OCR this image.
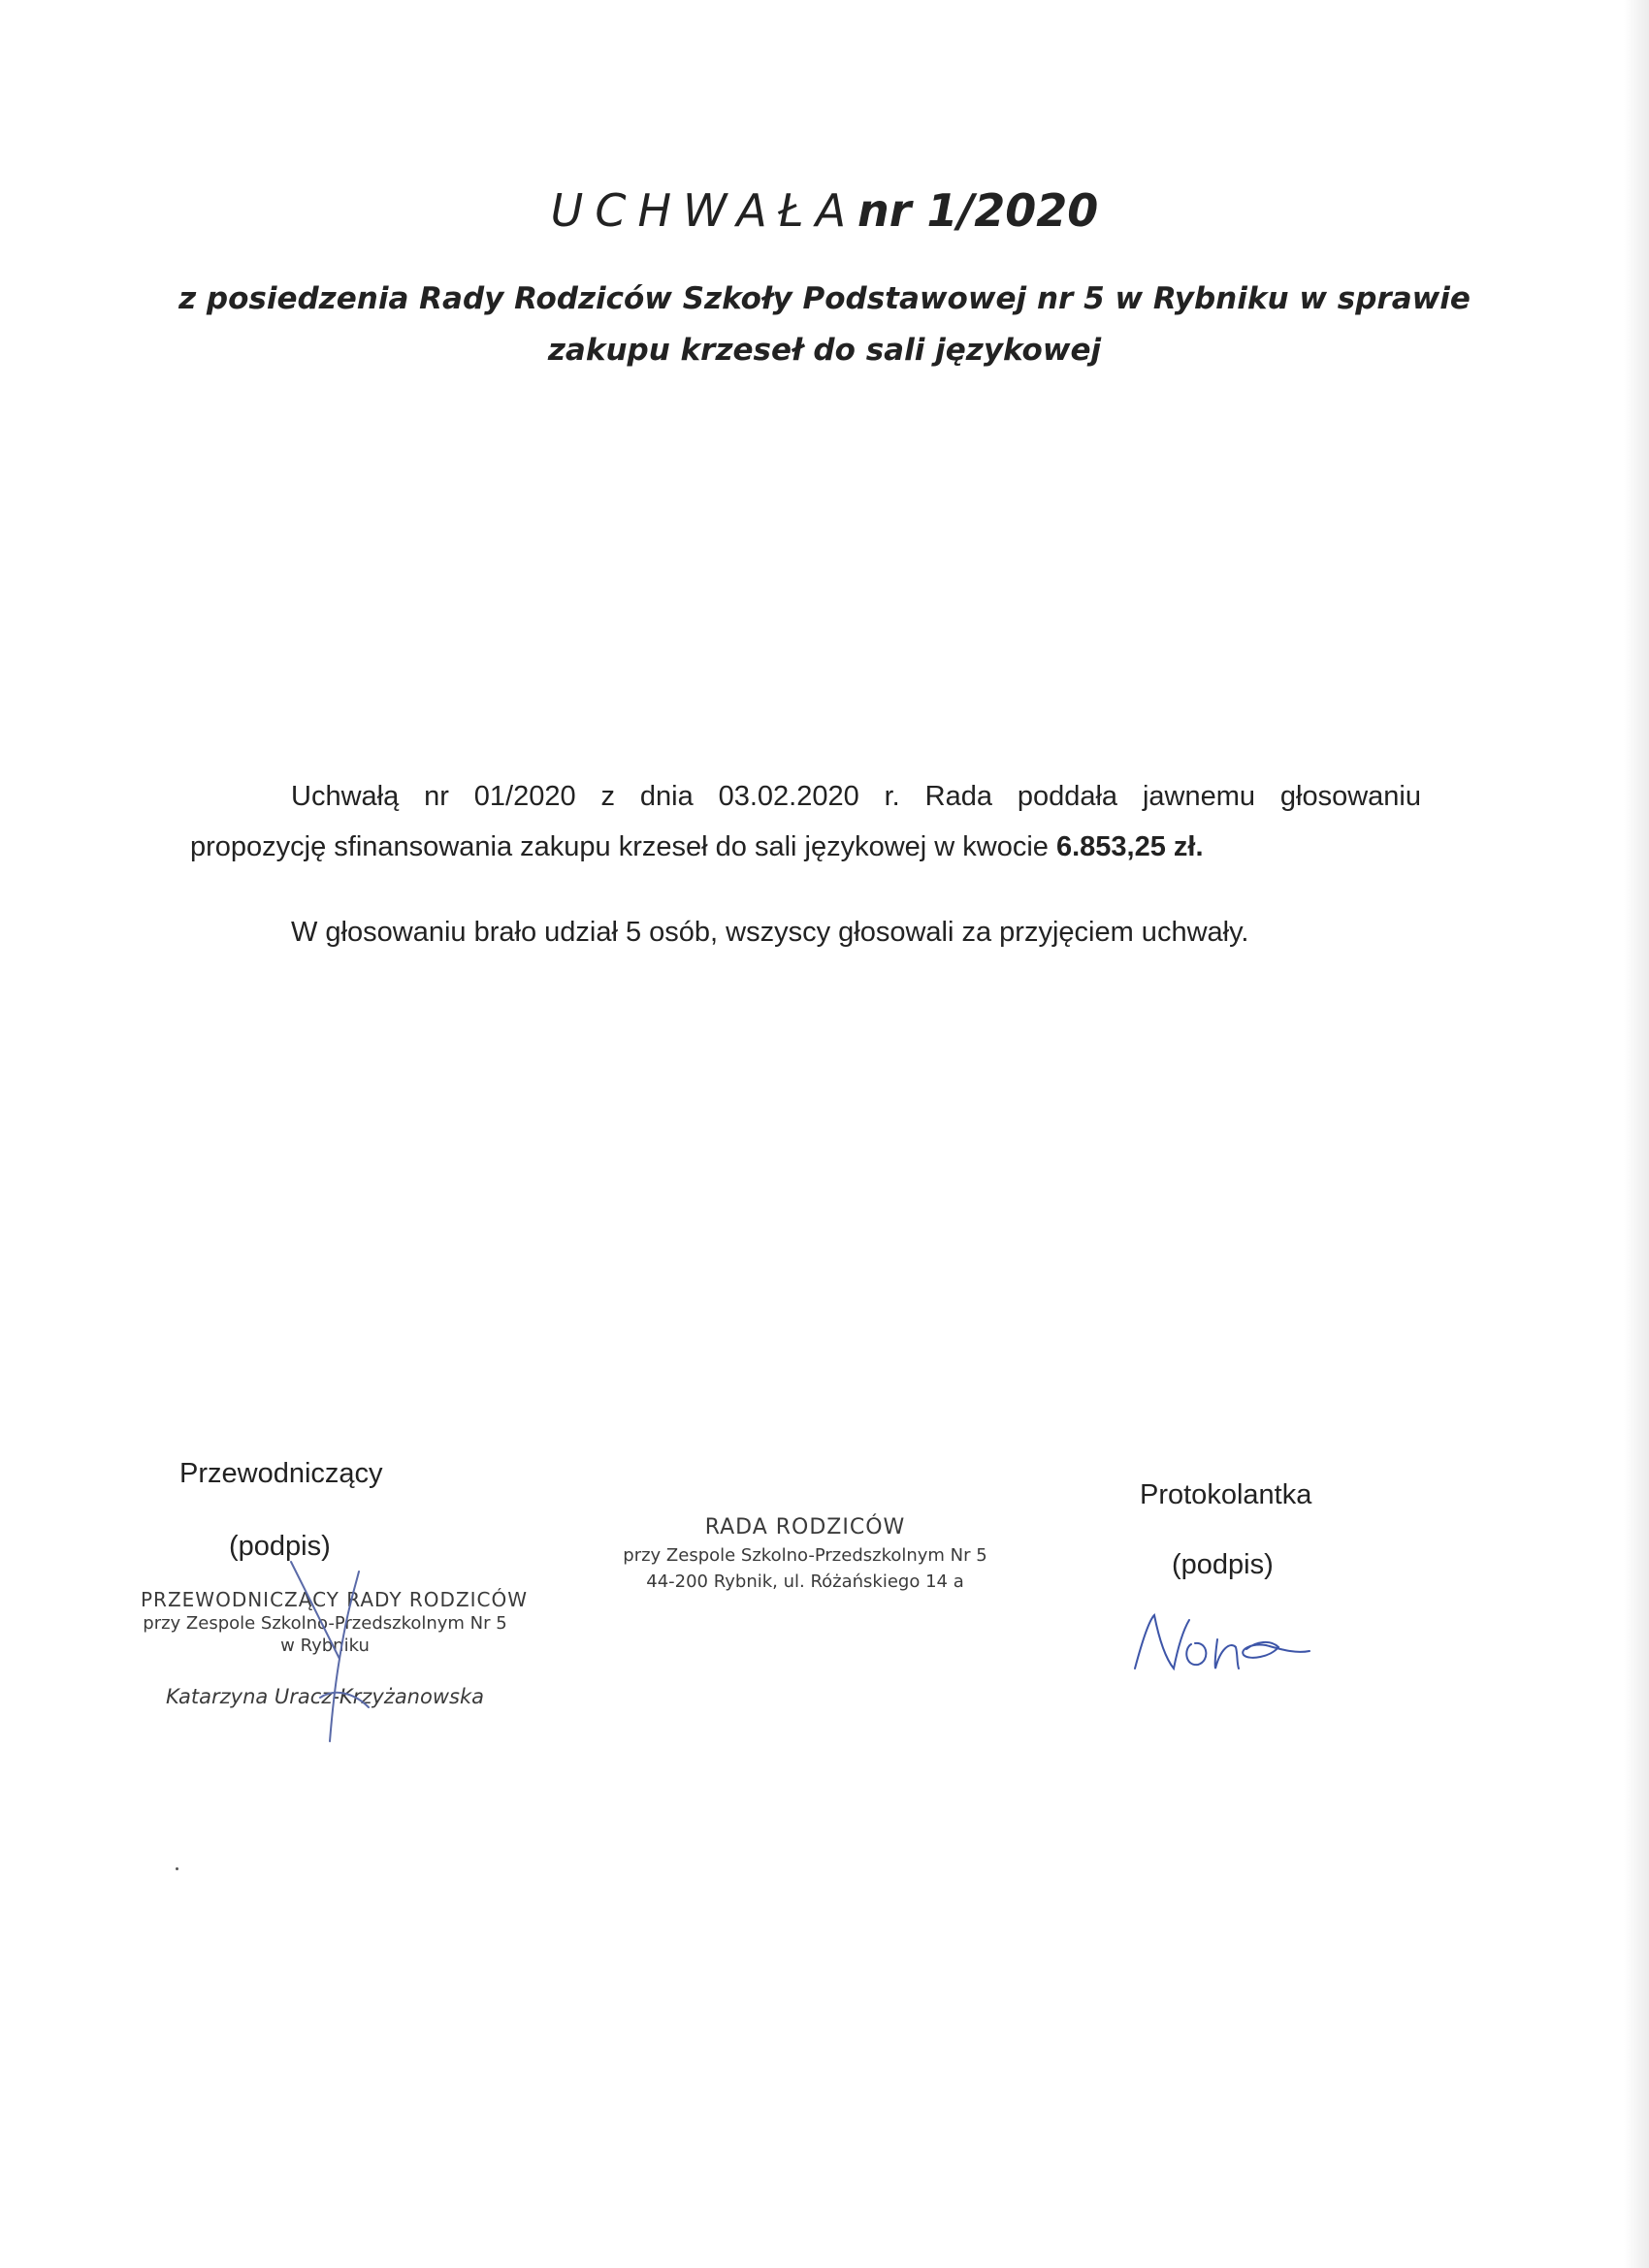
UCHWAŁAnr 1/2020
z posiedzenia Rady Rodziców Szkoły Podstawowej nr 5 w Rybniku w sprawie
zakupu krzeseł do sali językowej
Uchwałą nr 01/2020 z dnia 03.02.2020 r. Rada poddała jawnemu głosowaniu
propozycję sfinansowania zakupu krzeseł do sali językowej w kwocie 6.853,25 zł.
W głosowaniu brało udział 5 osób, wszyscy głosowali za przyjęciem uchwały.
Przewodniczący
(podpis)
PRZEWODNICZĄCY RADY RODZICÓW
przy Zespole Szkolno-Przedszkolnym Nr 5
w Rybniku
Katarzyna Uracz-Krzyżanowska
RADA RODZICÓW
przy Zespole Szkolno-Przedszkolnym Nr 5
44-200 Rybnik, ul. Różańskiego 14 a
Protokolantka
(podpis)
